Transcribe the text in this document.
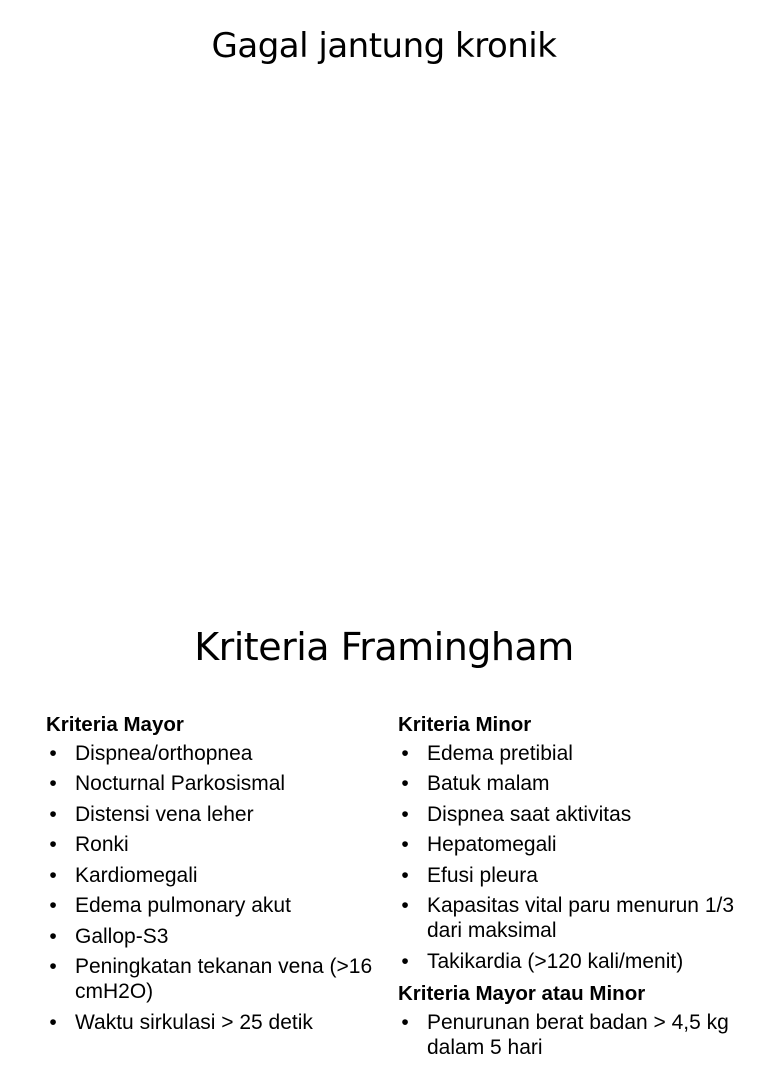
Gagal jantung kronik
Kriteria Framingham
Kriteria Mayor
• Dispnea/orthopnea
• Nocturnal Parkosismal
• Distensi vena leher
• Ronki
• Kardiomegali
• Edema pulmonary akut
• Gallop-S3
• Peningkatan tekanan vena (>16 cmH2O)
• Waktu sirkulasi > 25 detik
Kriteria Minor
• Edema pretibial
• Batuk malam
• Dispnea saat aktivitas
• Hepatomegali
• Efusi pleura
• Kapasitas vital paru menurun 1/3 dari maksimal
• Takikardia (>120 kali/menit)
Kriteria Mayor atau Minor
• Penurunan berat badan > 4,5 kg dalam 5 hari
